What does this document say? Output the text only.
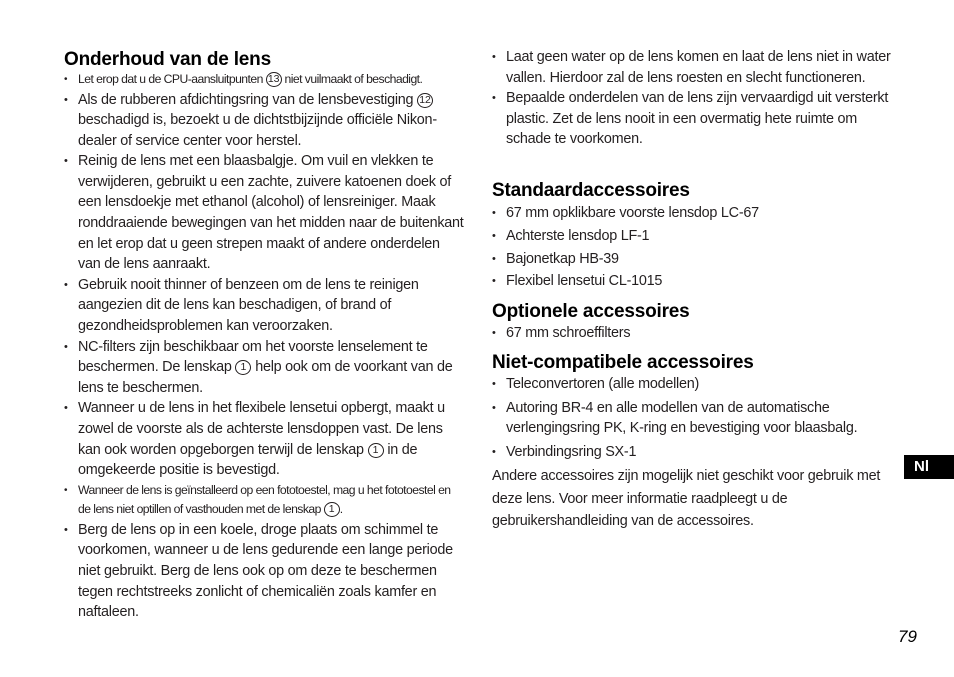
Onderhoud van de lens
• Let erop dat u de CPU-aansluitpunten 13 niet vuilmaakt of beschadigt.
• Als de rubberen afdichtingsring van de lensbevestiging 12 beschadigd is, bezoekt u de dichtstbijzijnde officiële Nikon-dealer of service center voor herstel.
• Reinig de lens met een blaasbalgje. Om vuil en vlekken te verwijderen, gebruikt u een zachte, zuivere katoenen doek of een lensdoekje met ethanol (alcohol) of lensreiniger. Maak ronddraaiende bewegingen van het midden naar de buitenkant en let erop dat u geen strepen maakt of andere onderdelen van de lens aanraakt.
• Gebruik nooit thinner of benzeen om de lens te reinigen aangezien dit de lens kan beschadigen, of brand of gezondheidsproblemen kan veroorzaken.
• NC-filters zijn beschikbaar om het voorste lenselement te beschermen. De lenskap 1 help ook om de voorkant van de lens te beschermen.
• Wanneer u de lens in het flexibele lensetui opbergt, maakt u zowel de voorste als de achterste lensdoppen vast. De lens kan ook worden opgeborgen terwijl de lenskap 1 in de omgekeerde positie is bevestigd.
• Wanneer de lens is geïnstalleerd op een fototoestel, mag u het fototoestel en de lens niet optillen of vasthouden met de lenskap 1 .
• Berg de lens op in een koele, droge plaats om schimmel te voorkomen, wanneer u de lens gedurende een lange periode niet gebruikt. Berg de lens ook op om deze te beschermen tegen rechtstreeks zonlicht of chemicaliën zoals kamfer en naftaleen.
• Laat geen water op de lens komen en laat de lens niet in water vallen. Hierdoor zal de lens roesten en slecht functioneren.
• Bepaalde onderdelen van de lens zijn vervaardigd uit versterkt plastic. Zet de lens nooit in een overmatig hete ruimte om schade te voorkomen.
Standaardaccessoires
• 67 mm opklikbare voorste lensdop LC-67
• Achterste lensdop LF-1
• Bajonetkap HB-39
• Flexibel lensetui CL-1015
Optionele accessoires
• 67 mm schroeffilters
Niet-compatibele accessoires
• Teleconvertoren (alle modellen)
• Autoring BR-4 en alle modellen van de automatische verlengingsring PK, K-ring en bevestiging voor blaasbalg.
• Verbindingsring SX-1

Andere accessoires zijn mogelijk niet geschikt voor gebruik met deze lens. Voor meer informatie raadpleegt u de gebruikershandleiding van de accessoires.

Nl
79
